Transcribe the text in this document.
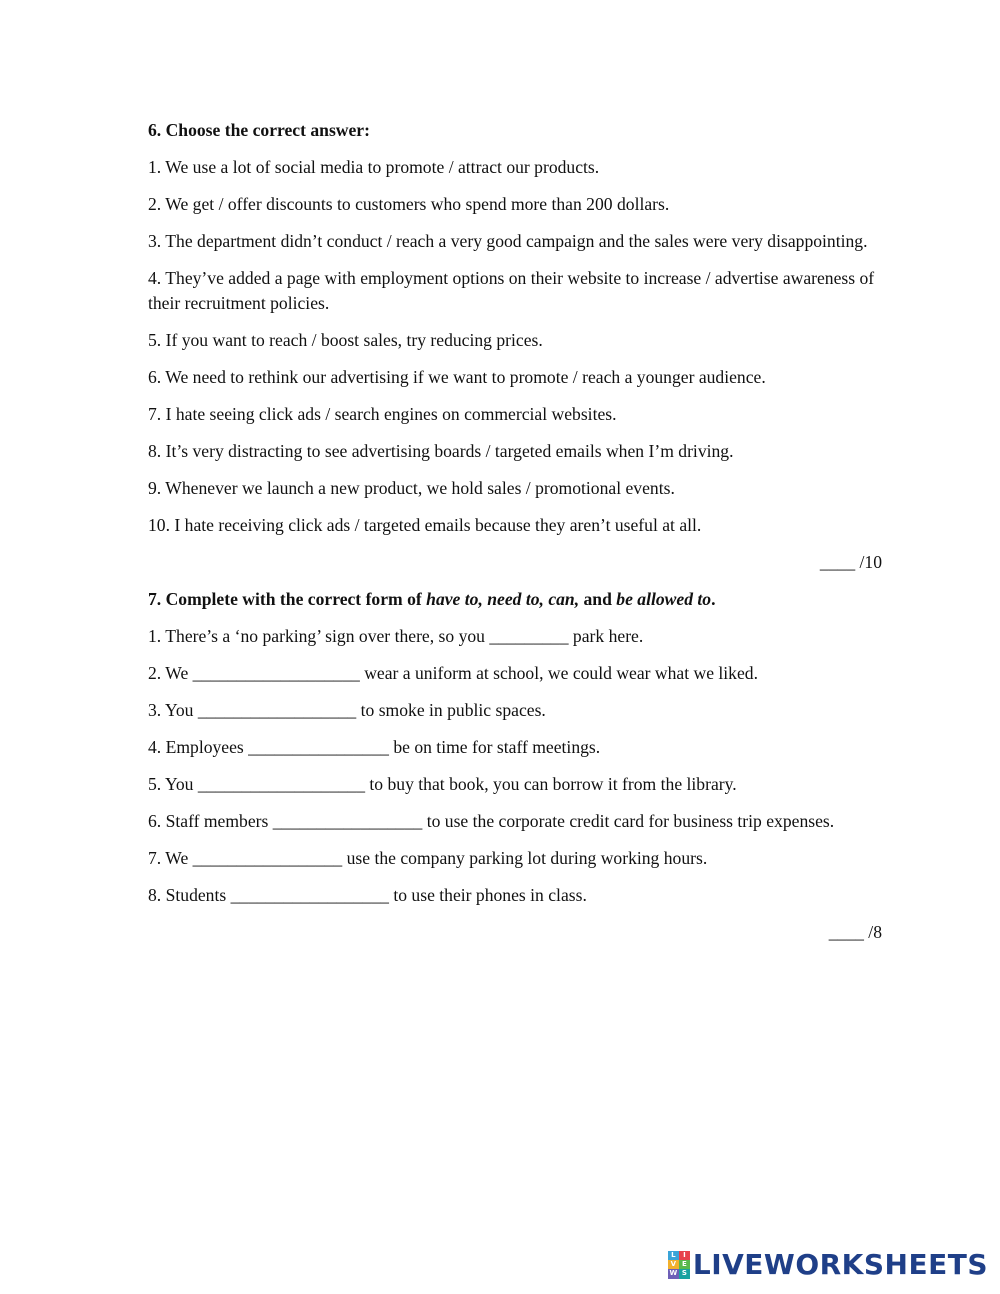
6. Choose the correct answer:
1. We use a lot of social media to promote / attract our products.
2. We get / offer discounts to customers who spend more than 200 dollars.
3. The department didn’t conduct / reach a very good campaign and the sales were very disappointing.
4. They’ve added a page with employment options on their website to increase / advertise awareness of their recruitment policies.
5. If you want to reach / boost sales, try reducing prices.
6. We need to rethink our advertising if we want to promote / reach a younger audience.
7. I hate seeing click ads / search engines on commercial websites.
8. It’s very distracting to see advertising boards / targeted emails when I’m driving.
9. Whenever we launch a new product, we hold sales / promotional events.
10. I hate receiving click ads / targeted emails because they aren’t useful at all.
____ /10
7. Complete with the correct form of have to, need to, can, and be allowed to.
1. There’s a ‘no parking’ sign over there, so you _________ park here.
2. We ___________________ wear a uniform at school, we could wear what we liked.
3. You __________________ to smoke in public spaces.
4. Employees ________________ be on time for staff meetings.
5. You ___________________ to buy that book, you can borrow it from the library.
6. Staff members _________________ to use the corporate credit card for business trip expenses.
7. We _________________ use the company parking lot during working hours.
8. Students __________________ to use their phones in class.
____ /8
L	I
V E
W S LIVEWORKSHEETS
